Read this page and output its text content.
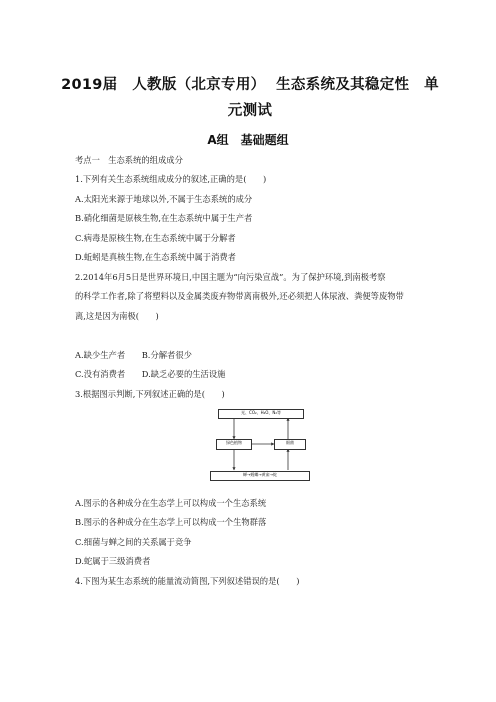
2019届　人教版（北京专用）  生态系统及其稳定性　单
元测试
A组　基础题组
考点一　生态系统的组成成分
1.下列有关生态系统组成成分的叙述,正确的是(　　)
A.太阳光来源于地球以外,不属于生态系统的成分
B.硝化细菌是原核生物,在生态系统中属于生产者
C.病毒是原核生物,在生态系统中属于分解者
D.蚯蚓是真核生物,在生态系统中属于消费者
2.2014年6月5日是世界环境日,中国主题为“向污染宣战”。为了保护环境,到南极考察
的科学工作者,除了将塑料以及金属类废弃物带离南极外,还必须把人体尿液、粪便等废物带
离,这是因为南极(　　)
A.缺少生产者　　B.分解者很少
C.没有消费者　　D.缺乏必要的生活设施
3.根据图示判断,下列叙述正确的是(　　)
光、CO₂、H₂O、N₂等
绿色植物	细菌
蝉→螳螂→黄雀→蛇
A.图示的各种成分在生态学上可以构成一个生态系统
B.图示的各种成分在生态学上可以构成一个生物群落
C.细菌与蝉之间的关系属于竞争
D.蛇属于三级消费者
4.下图为某生态系统的能量流动简图,下列叙述错误的是(　　)
